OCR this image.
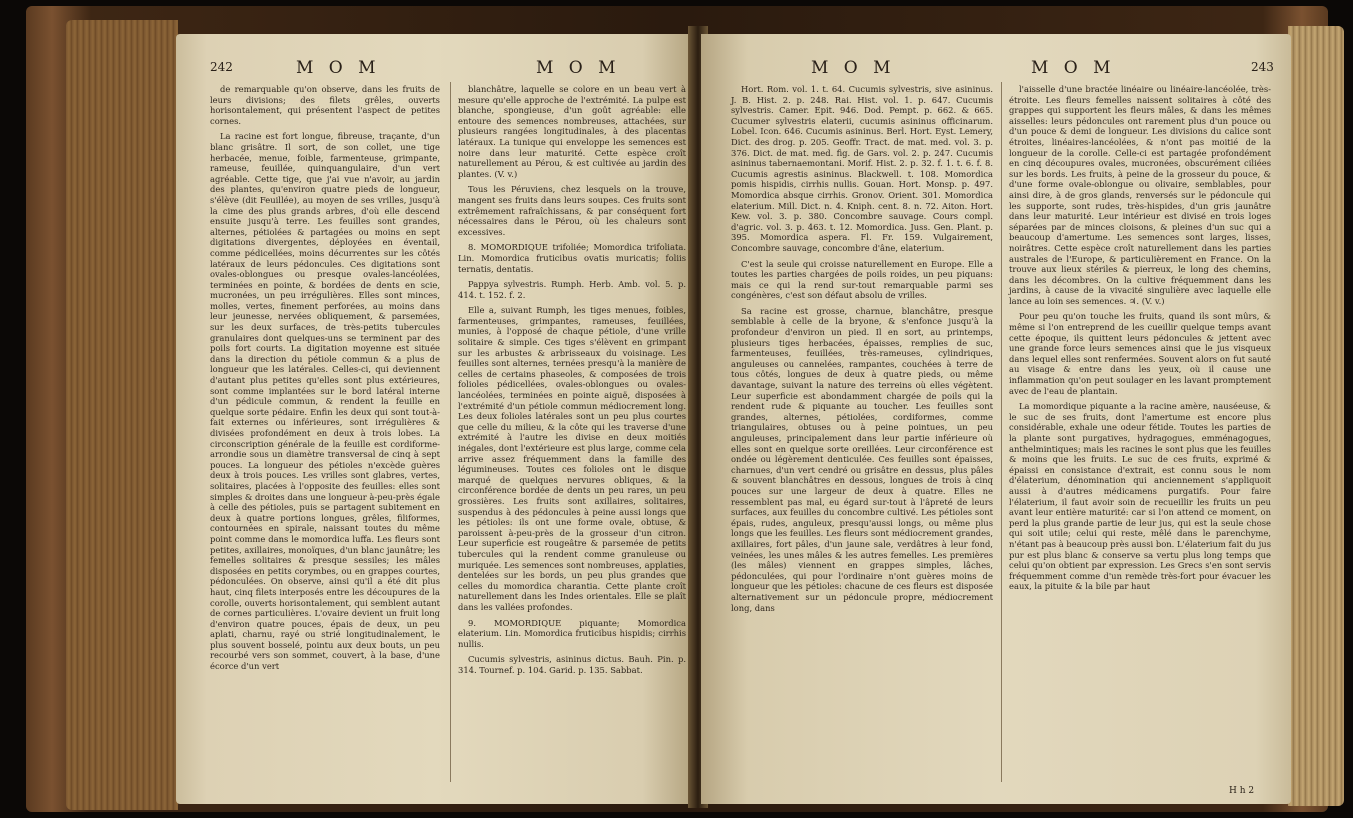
242	M O M	M O M

de remarquable qu'on observe, dans les fruits de leurs divisions; des filets grêles, ouverts horisontalement, qui présentent l'aspect de petites cornes.

La racine est fort longue, fibreuse, traçante, d'un blanc grisâtre. Il sort, de son collet, une tige herbacée, menue, foible, farmenteuse, grimpante, rameuse, feuillée, quinquangulaire, d'un vert agréable. Cette tige, que j'ai vue n'avoir, au jardin des plantes, qu'environ quatre pieds de longueur, s'élève (dit Feuillée), au moyen de ses vrilles, jusqu'à la cime des plus grands arbres, d'où elle descend ensuite jusqu'à terre. Les feuilles sont grandes, alternes, pétiolées & partagées ou moins en sept digitations divergentes, déployées en éventail, comme pédicellées, moins décurrentes sur les côtés latéraux de leurs pédoncules. Ces digitations sont ovales-oblongues ou presque ovales-lancéolées, terminées en pointe, & bordées de dents en scie, mucronées, un peu irrégulières. Elles sont minces, molles, vertes, finement perforées, au moins dans leur jeunesse, nervées obliquement, & parsemées, sur les deux surfaces, de très-petits tubercules granulaires dont quelques-uns se terminent par des poils fort courts. La digitation moyenne est située dans la direction du pétiole commun & a plus de longueur que les latérales. Celles-ci, qui deviennent d'autant plus petites qu'elles sont plus extérieures, sont comme implantées sur le bord latéral interne d'un pédicule commun, & rendent la feuille en quelque sorte pédaire. Enfin les deux qui sont tout-à-fait externes ou inférieures, sont irrégulières & divisées profondément en deux à trois lobes. La circonscription générale de la feuille est cordiforme-arrondie sous un diamètre transversal de cinq à sept pouces. La longueur des pétioles n'excède guères deux à trois pouces. Les vrilles sont glabres, vertes, solitaires, placées à l'opposite des feuilles: elles sont simples & droites dans une longueur à-peu-près égale à celle des pétioles, puis se partagent subitement en deux à quatre portions longues, grêles, filiformes, contournées en spirale, naissant toutes du même point comme dans le momordica luffa. Les fleurs sont petites, axillaires, monoïques, d'un blanc jaunâtre; les femelles solitaires & presque sessiles; les mâles disposées en petits corymbes, ou en grappes courtes, pédonculées. On observe, ainsi qu'il a été dit plus haut, cinq filets interposés entre les découpures de la corolle, ouverts horisontalement, qui semblent autant de cornes particulières. L'ovaire devient un fruit long d'environ quatre pouces, épais de deux, un peu aplati, charnu, rayé ou strié longitudinalement, le plus souvent bosselé, pointu aux deux bouts, un peu recourbé vers son sommet, couvert, à la base, d'une écorce d'un vert

blanchâtre, laquelle se colore en un beau vert à mesure qu'elle approche de l'extrémité. La pulpe est blanche, spongieuse, d'un goût agréable: elle entoure des semences nombreuses, attachées, sur plusieurs rangées longitudinales, à des placentas latéraux. La tunique qui enveloppe les semences est noire dans leur maturité. Cette espèce croît naturellement au Pérou, & est cultivée au jardin des plantes. (V. v.)

Tous les Péruviens, chez lesquels on la trouve, mangent ses fruits dans leurs soupes. Ces fruits sont extrêmement rafraîchissans, & par conséquent fort nécessaires dans le Pérou, où les chaleurs sont excessives.

8. MOMORDIQUE trifoliée; Momordica trifoliata. Lin. Momordica fruticibus ovatis muricatis; foliis ternatis, dentatis.

Pappya sylvestris. Rumph. Herb. Amb. vol. 5. p. 414. t. 152. f. 2.

Elle a, suivant Rumph, les tiges menues, foibles, farmenteuses, grimpantes, rameuses, feuillées, munies, à l'opposé de chaque pétiole, d'une vrille solitaire & simple. Ces tiges s'élèvent en grimpant sur les arbustes & arbrisseaux du voisinage. Les feuilles sont alternes, ternées presqu'à la manière de celles de certains phaseoles, & composées de trois folioles pédicellées, ovales-oblongues ou ovales-lancéolées, terminées en pointe aiguë, disposées à l'extrémité d'un pétiole commun médiocrement long. Les deux folioles latérales sont un peu plus courtes que celle du milieu, & la côte qui les traverse d'une extrémité à l'autre les divise en deux moitiés inégales, dont l'extérieure est plus large, comme cela arrive assez fréquemment dans la famille des légumineuses. Toutes ces folioles ont le disque marqué de quelques nervures obliques, & la circonférence bordée de dents un peu rares, un peu grossières. Les fruits sont axillaires, solitaires, suspendus à des pédoncules à peine aussi longs que les pétioles: ils ont une forme ovale, obtuse, & paroissent à-peu-près de la grosseur d'un citron. Leur superficie est rougeâtre & parsemée de petits tubercules qui la rendent comme granuleuse ou muriquée. Les semences sont nombreuses, applaties, dentelées sur les bords, un peu plus grandes que celles du momordica charantia. Cette plante croît naturellement dans les Indes orientales. Elle se plaît dans les vallées profondes.

9. MOMORDIQUE piquante; Momordica elaterium. Lin. Momordica fruticibus hispidis; cirrhis nullis.

Cucumis sylvestris, asininus dictus. Bauh. Pin. p. 314. Tournef. p. 104. Garid. p. 135. Sabbat.

M O M	M O M	243

Hort. Rom. vol. 1. t. 64. Cucumis sylvestris, sive asininus. J. B. Hist. 2. p. 248. Rai. Hist. vol. 1. p. 647. Cucumis sylvestris. Camer. Epit. 946. Dod. Pempt. p. 662. & 665. Cucumer sylvestris elaterii, cucumis asininus officinarum. Lobel. Icon. 646. Cucumis asininus. Berl. Hort. Eyst. Lemery, Dict. des drog. p. 205. Geoffr. Tract. de mat. med. vol. 3. p. 376. Dict. de mat. med. fig. de Gars. vol. 2. p. 247. Cucumis asininus tabernaemontani. Morif. Hist. 2. p. 32. f. 1. t. 6. f. 8. Cucumis agrestis asininus. Blackwell. t. 108. Momordica pomis hispidis, cirrhis nullis. Gouan. Hort. Monsp. p. 497. Momordica absque cirrhis. Gronov. Orient. 301. Momordica elaterium. Mill. Dict. n. 4. Kniph. cent. 8. n. 72. Aiton. Hort. Kew. vol. 3. p. 380. Concombre sauvage. Cours compl. d'agric. vol. 3. p. 463. t. 12. Momordica. Juss. Gen. Plant. p. 395. Momordica aspera. Fl. Fr. 159. Vulgairement, Concombre sauvage, concombre d'âne, elaterium.

C'est la seule qui croisse naturellement en Europe. Elle a toutes les parties chargées de poils roides, un peu piquans: mais ce qui la rend sur-tout remarquable parmi ses congénères, c'est son défaut absolu de vrilles.

Sa racine est grosse, charnue, blanchâtre, presque semblable à celle de la bryone, & s'enfonce jusqu'à la profondeur d'environ un pied. Il en sort, au printemps, plusieurs tiges herbacées, épaisses, remplies de suc, farmenteuses, feuillées, très-rameuses, cylindriques, anguleuses ou cannelées, rampantes, couchées à terre de tous côtés, longues de deux à quatre pieds, ou même davantage, suivant la nature des terreins où elles végètent. Leur superficie est abondamment chargée de poils qui la rendent rude & piquante au toucher. Les feuilles sont grandes, alternes, pétiolées, cordiformes, comme triangulaires, obtuses ou à peine pointues, un peu anguleuses, principalement dans leur partie inférieure où elles sont en quelque sorte oreillées. Leur circonférence est ondée ou légèrement denticulée. Ces feuilles sont épaisses, charnues, d'un vert cendré ou grisâtre en dessus, plus pâles & souvent blanchâtres en dessous, longues de trois à cinq pouces sur une largeur de deux à quatre. Elles ne ressemblent pas mal, eu égard sur-tout à l'âpreté de leurs surfaces, aux feuilles du concombre cultivé. Les pétioles sont épais, rudes, anguleux, presqu'aussi longs, ou même plus longs que les feuilles. Les fleurs sont médiocrement grandes, axillaires, fort pâles, d'un jaune sale, verdâtres à leur fond, veinées, les unes mâles & les autres femelles. Les premières (les mâles) viennent en grappes simples, lâches, pédonculées, qui pour l'ordinaire n'ont guères moins de longueur que les pétioles: chacune de ces fleurs est disposée alternativement sur un pédoncule propre, médiocrement long, dans

l'aisselle d'une bractée linéaire ou linéaire-lancéolée, très-étroite. Les fleurs femelles naissent solitaires à côté des grappes qui supportent les fleurs mâles, & dans les mêmes aisselles: leurs pédoncules ont rarement plus d'un pouce ou d'un pouce & demi de longueur. Les divisions du calice sont étroites, linéaires-lancéolées, & n'ont pas moitié de la longueur de la corolle. Celle-ci est partagée profondément en cinq découpures ovales, mucronées, obscurément ciliées sur les bords. Les fruits, à peine de la grosseur du pouce, & d'une forme ovale-oblongue ou olivaire, semblables, pour ainsi dire, à de gros glands, renversés sur le pédoncule qui les supporte, sont rudes, très-hispides, d'un gris jaunâtre dans leur maturité. Leur intérieur est divisé en trois loges séparées par de minces cloisons, & pleines d'un suc qui a beaucoup d'amertume. Les semences sont larges, lisses, noirâtres. Cette espèce croît naturellement dans les parties australes de l'Europe, & particulièrement en France. On la trouve aux lieux stériles & pierreux, le long des chemins, dans les décombres. On la cultive fréquemment dans les jardins, à cause de la vivacité singulière avec laquelle elle lance au loin ses semences. ♃. (V. v.)

Pour peu qu'on touche les fruits, quand ils sont mûrs, & même si l'on entreprend de les cueillir quelque temps avant cette époque, ils quittent leurs pédoncules & jettent avec une grande force leurs semences ainsi que le jus visqueux dans lequel elles sont renfermées. Souvent alors on fut sauté au visage & entre dans les yeux, où il cause une inflammation qu'on peut soulager en les lavant promptement avec de l'eau de plantain.

La momordique piquante a la racine amère, nauséeuse, & le suc de ses fruits, dont l'amertume est encore plus considérable, exhale une odeur fétide. Toutes les parties de la plante sont purgatives, hydragogues, emménagogues, anthelmintiques; mais les racines le sont plus que les feuilles & moins que les fruits. Le suc de ces fruits, exprimé & épaissi en consistance d'extrait, est connu sous le nom d'élaterium, dénomination qui anciennement s'appliquoit aussi à d'autres médicamens purgatifs. Pour faire l'élaterium, il faut avoir soin de recueillir les fruits un peu avant leur entière maturité: car si l'on attend ce moment, on perd la plus grande partie de leur jus, qui est la seule chose qui soit utile; celui qui reste, mêlé dans le parenchyme, n'étant pas à beaucoup près aussi bon. L'élaterium fait du jus pur est plus blanc & conserve sa vertu plus long temps que celui qu'on obtient par expression. Les Grecs s'en sont servis fréquemment comme d'un remède très-fort pour évacuer les eaux, la pituite & la bile par haut

H h 2
